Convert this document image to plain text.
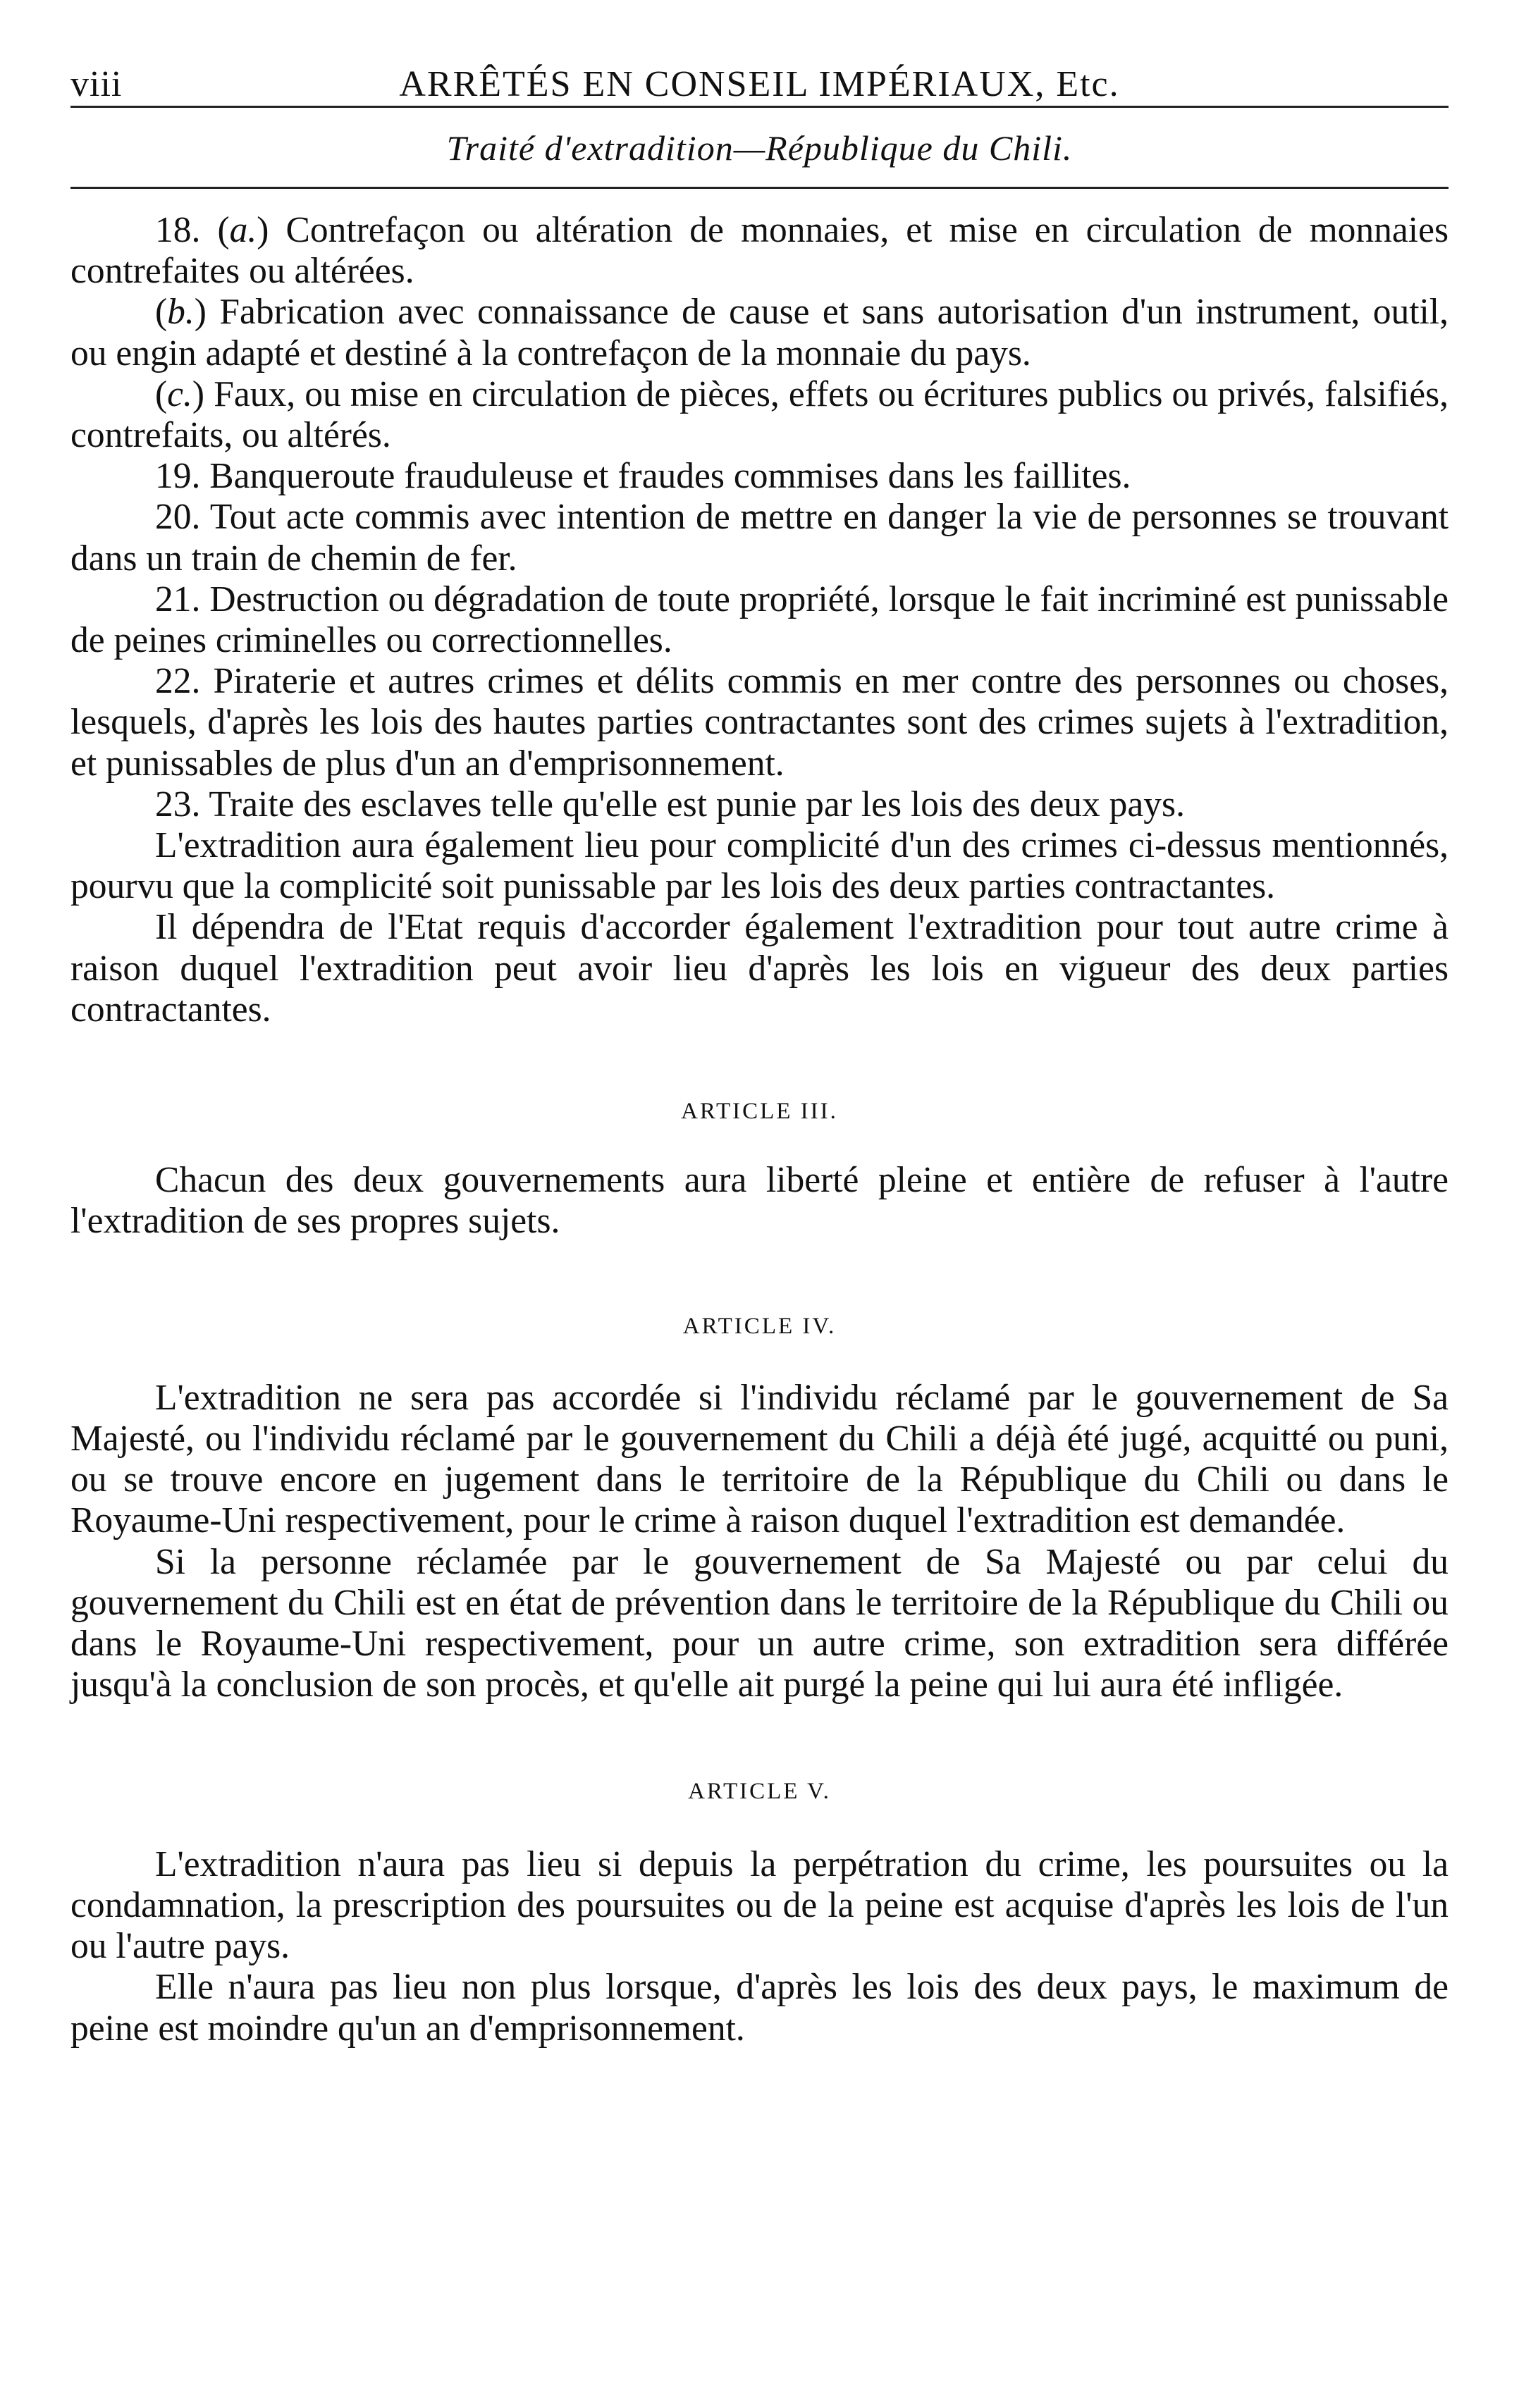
viii	ARRÊTÉS EN CONSEIL IMPÉRIAUX, Etc.
Traité d'extradition—République du Chili.

18. (a.) Contrefaçon ou altération de monnaies, et mise en circulation de monnaies contrefaites ou altérées.

(b.) Fabrication avec connaissance de cause et sans autorisation d'un instrument, outil, ou engin adapté et destiné à la contrefaçon de la monnaie du pays.

(c.) Faux, ou mise en circulation de pièces, effets ou écritures publics ou privés, falsifiés, contrefaits, ou altérés.

19. Banqueroute frauduleuse et fraudes commises dans les faillites.

20. Tout acte commis avec intention de mettre en danger la vie de personnes se trouvant dans un train de chemin de fer.

21. Destruction ou dégradation de toute propriété, lorsque le fait incriminé est punissable de peines criminelles ou correctionnelles.

22. Piraterie et autres crimes et délits commis en mer contre des personnes ou choses, lesquels, d'après les lois des hautes parties contractantes sont des crimes sujets à l'extradition, et punissables de plus d'un an d'emprisonnement.

23. Traite des esclaves telle qu'elle est punie par les lois des deux pays.

L'extradition aura également lieu pour complicité d'un des crimes ci-dessus mentionnés, pourvu que la complicité soit punissable par les lois des deux parties contractantes.

Il dépendra de l'Etat requis d'accorder également l'extradition pour tout autre crime à raison duquel l'extradition peut avoir lieu d'après les lois en vigueur des deux parties contractantes.

ARTICLE III.

Chacun des deux gouvernements aura liberté pleine et entière de refuser à l'autre l'extradition de ses propres sujets.

ARTICLE IV.

L'extradition ne sera pas accordée si l'individu réclamé par le gouvernement de Sa Majesté, ou l'individu réclamé par le gouvernement du Chili a déjà été jugé, acquitté ou puni, ou se trouve encore en jugement dans le territoire de la République du Chili ou dans le Royaume-Uni respectivement, pour le crime à raison duquel l'extradition est demandée.

Si la personne réclamée par le gouvernement de Sa Majesté ou par celui du gouvernement du Chili est en état de prévention dans le territoire de la République du Chili ou dans le Royaume-Uni respectivement, pour un autre crime, son extradition sera différée jusqu'à la conclusion de son procès, et qu'elle ait purgé la peine qui lui aura été infligée.

ARTICLE V.

L'extradition n'aura pas lieu si depuis la perpétration du crime, les poursuites ou la condamnation, la prescription des poursuites ou de la peine est acquise d'après les lois de l'un ou l'autre pays.

Elle n'aura pas lieu non plus lorsque, d'après les lois des deux pays, le maximum de peine est moindre qu'un an d'emprisonnement.
